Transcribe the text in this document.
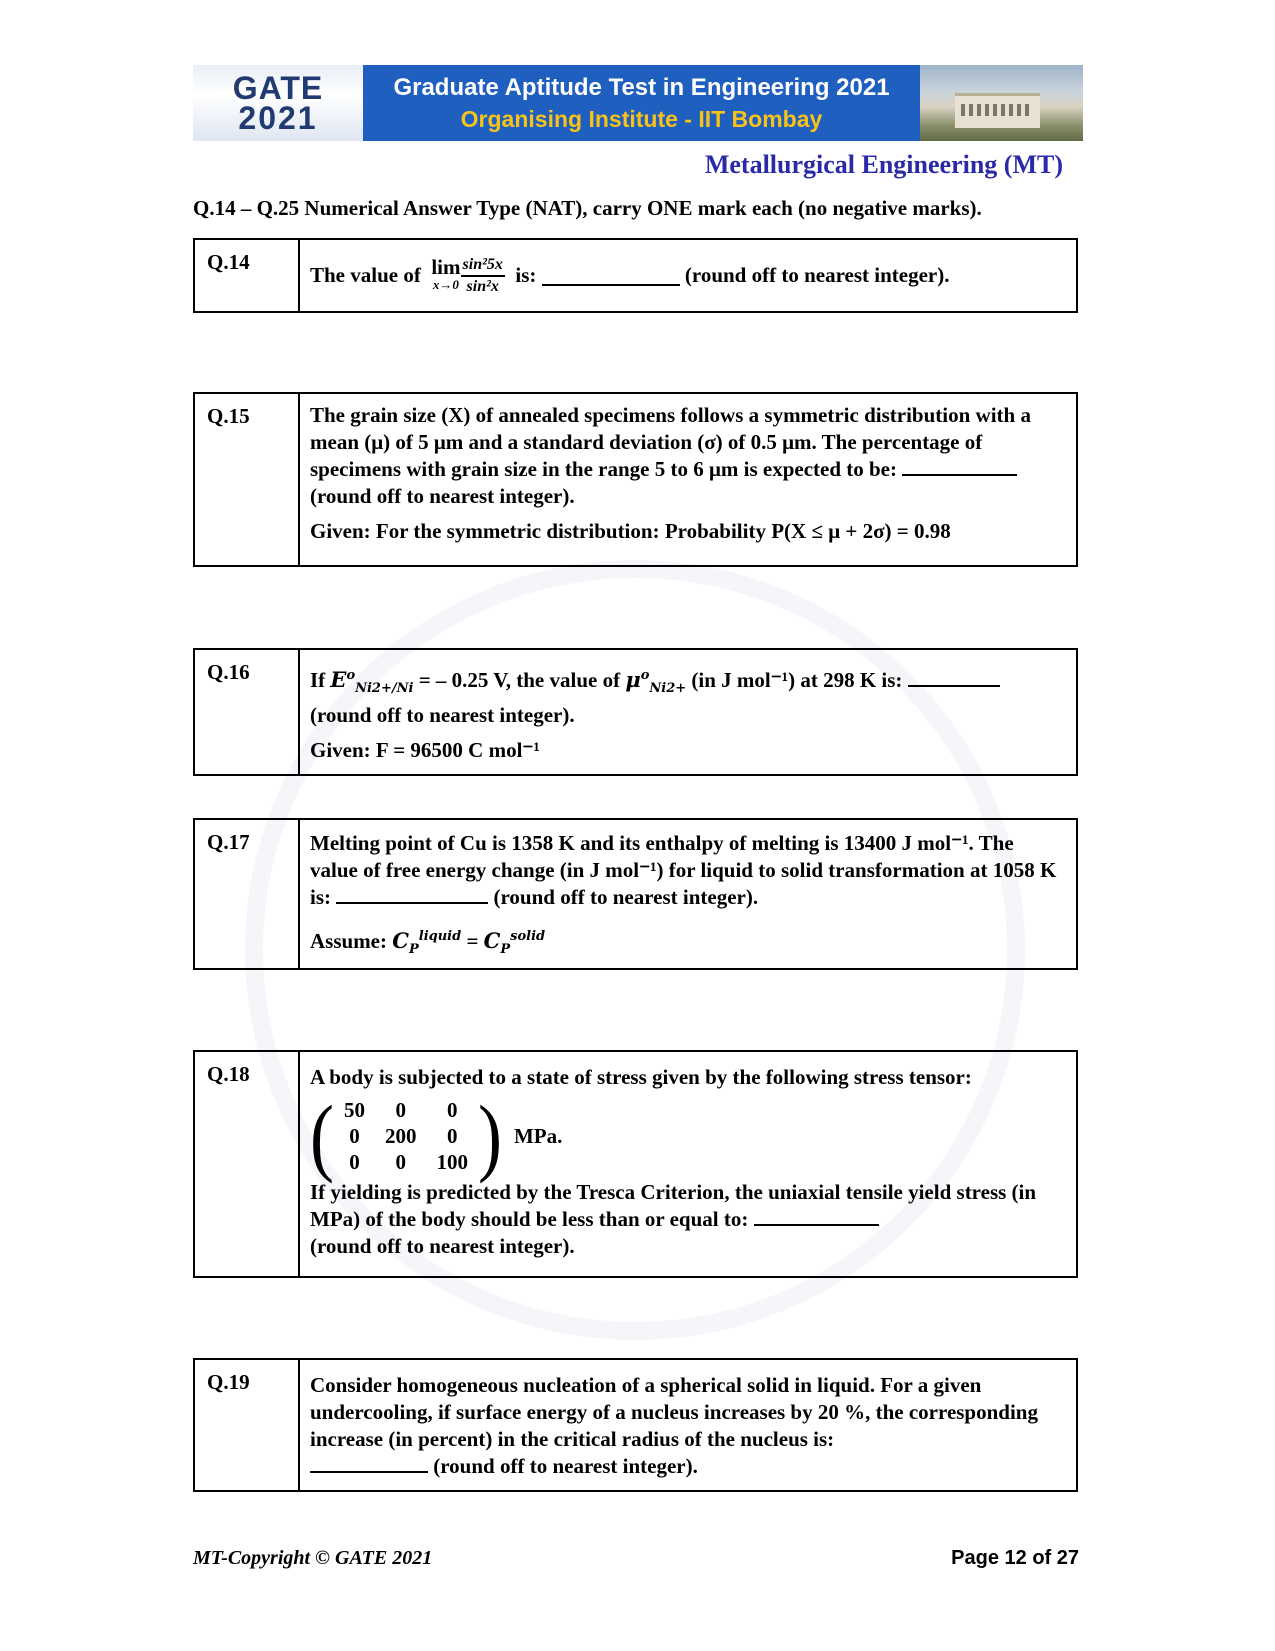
GATE
2021
Graduate Aptitude Test in Engineering 2021
Organising Institute - IIT Bombay
Metallurgical Engineering (MT)
Q.14 – Q.25 Numerical Answer Type (NAT), carry ONE mark each (no negative marks).
Q.14
The value of
lim
$x\to 0 \frac{\text{sin²5x}}{\text{sin²x}}$
is:

	(round off to nearest integer).
Q.15	The grain size (X) of annealed specimens follows a symmetric distribution with a mean (μ) of 5 μm and a standard deviation (σ) of 0.5 μm. The percentage of specimens with grain size in the range 5 to 6 μm is expected to be:  (round off to nearest integer).
Given: For the symmetric distribution: Probability P(X ≤ μ + 2σ) = 0.98
Q.16	If $E^o_{Ni2+/Ni}$ = – 0.25 V, the value of $\mu^o_{Ni2+}$ (in J mol⁻¹) at 298 K is:
(round off to nearest integer).
Given: F = 96500 C mol⁻¹
Q.17	Melting point of Cu is 1358 K and its enthalpy of melting is 13400 J mol⁻¹. The value of free energy change (in J mol⁻¹) for liquid to solid transformation at 1058 K is:	(round off to nearest integer).
Assume: $C_P^{liquid} = C_P^{solid}$
Q.18	A body is subjected to a state of stress given by the following stress tensor:
( 50	0	0
0	200	0
0	0	100 ) MPa.
If yielding is predicted by the Tresca Criterion, the uniaxial tensile yield stress (in MPa) of the body should be less than or equal to:
(round off to nearest integer).
Q.19	Consider homogeneous nucleation of a spherical solid in liquid. For a given undercooling, if surface energy of a nucleus increases by 20 %, the corresponding increase (in percent) in the critical radius of the nucleus is:
(round off to nearest integer).
MT-Copyright © GATE 2021	Page 12 of 27
